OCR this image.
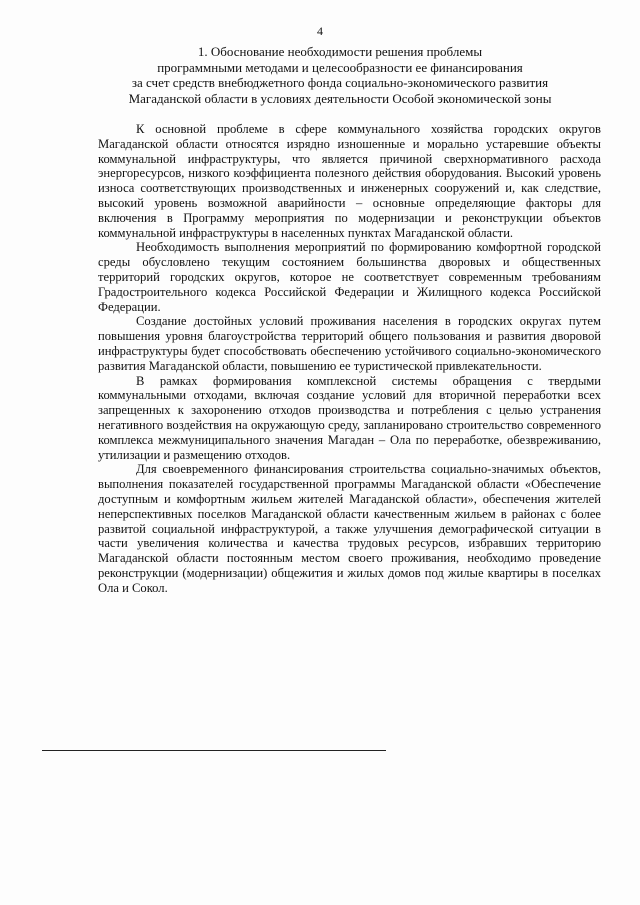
4
1. Обоснование необходимости решения проблемы
программными методами и целесообразности ее финансирования
за счет средств внебюджетного фонда социально-экономического развития
Магаданской области в условиях деятельности Особой экономической зоны

К основной проблеме в сфере коммунального хозяйства городских округов Магаданской области относятся изрядно изношенные и морально устаревшие объекты коммунальной инфраструктуры, что является причиной сверхнормативного расхода энергоресурсов, низкого коэффициента полезного действия оборудования. Высокий уровень износа соответствующих производственных и инженерных сооружений и, как следствие, высокий уровень возможной аварийности – основные определяющие факторы для включения в Программу мероприятия по модернизации и реконструкции объектов коммунальной инфраструктуры в населенных пунктах Магаданской области.

Необходимость выполнения мероприятий по формированию комфортной городской среды обусловлено текущим состоянием большинства дворовых и общественных территорий городских округов, которое не соответствует современным требованиям Градостроительного кодекса Российской Федерации и Жилищного кодекса Российской Федерации.

Создание достойных условий проживания населения в городских округах путем повышения уровня благоустройства территорий общего пользования и развития дворовой инфраструктуры будет способствовать обеспечению устойчивого социально-экономического развития Магаданской области, повышению ее туристической привлекательности.

В рамках формирования комплексной системы обращения с твердыми коммунальными отходами, включая создание условий для вторичной переработки всех запрещенных к захоронению отходов производства и потребления с целью устранения негативного воздействия на окружающую среду, запланировано строительство современного комплекса межмуниципального значения Магадан – Ола по переработке, обезвреживанию, утилизации и размещению отходов.

Для своевременного финансирования строительства социально-значимых объектов, выполнения показателей государственной программы Магаданской области «Обеспечение доступным и комфортным жильем жителей Магаданской области», обеспечения жителей неперспективных поселков Магаданской области качественным жильем в районах с более развитой социальной инфраструктурой, а также улучшения демографической ситуации в части увеличения количества и качества трудовых ресурсов, избравших территорию Магаданской области постоянным местом своего проживания, необходимо проведение реконструкции (модернизации) общежития и жилых домов под жилые квартиры в поселках Ола и Сокол.
